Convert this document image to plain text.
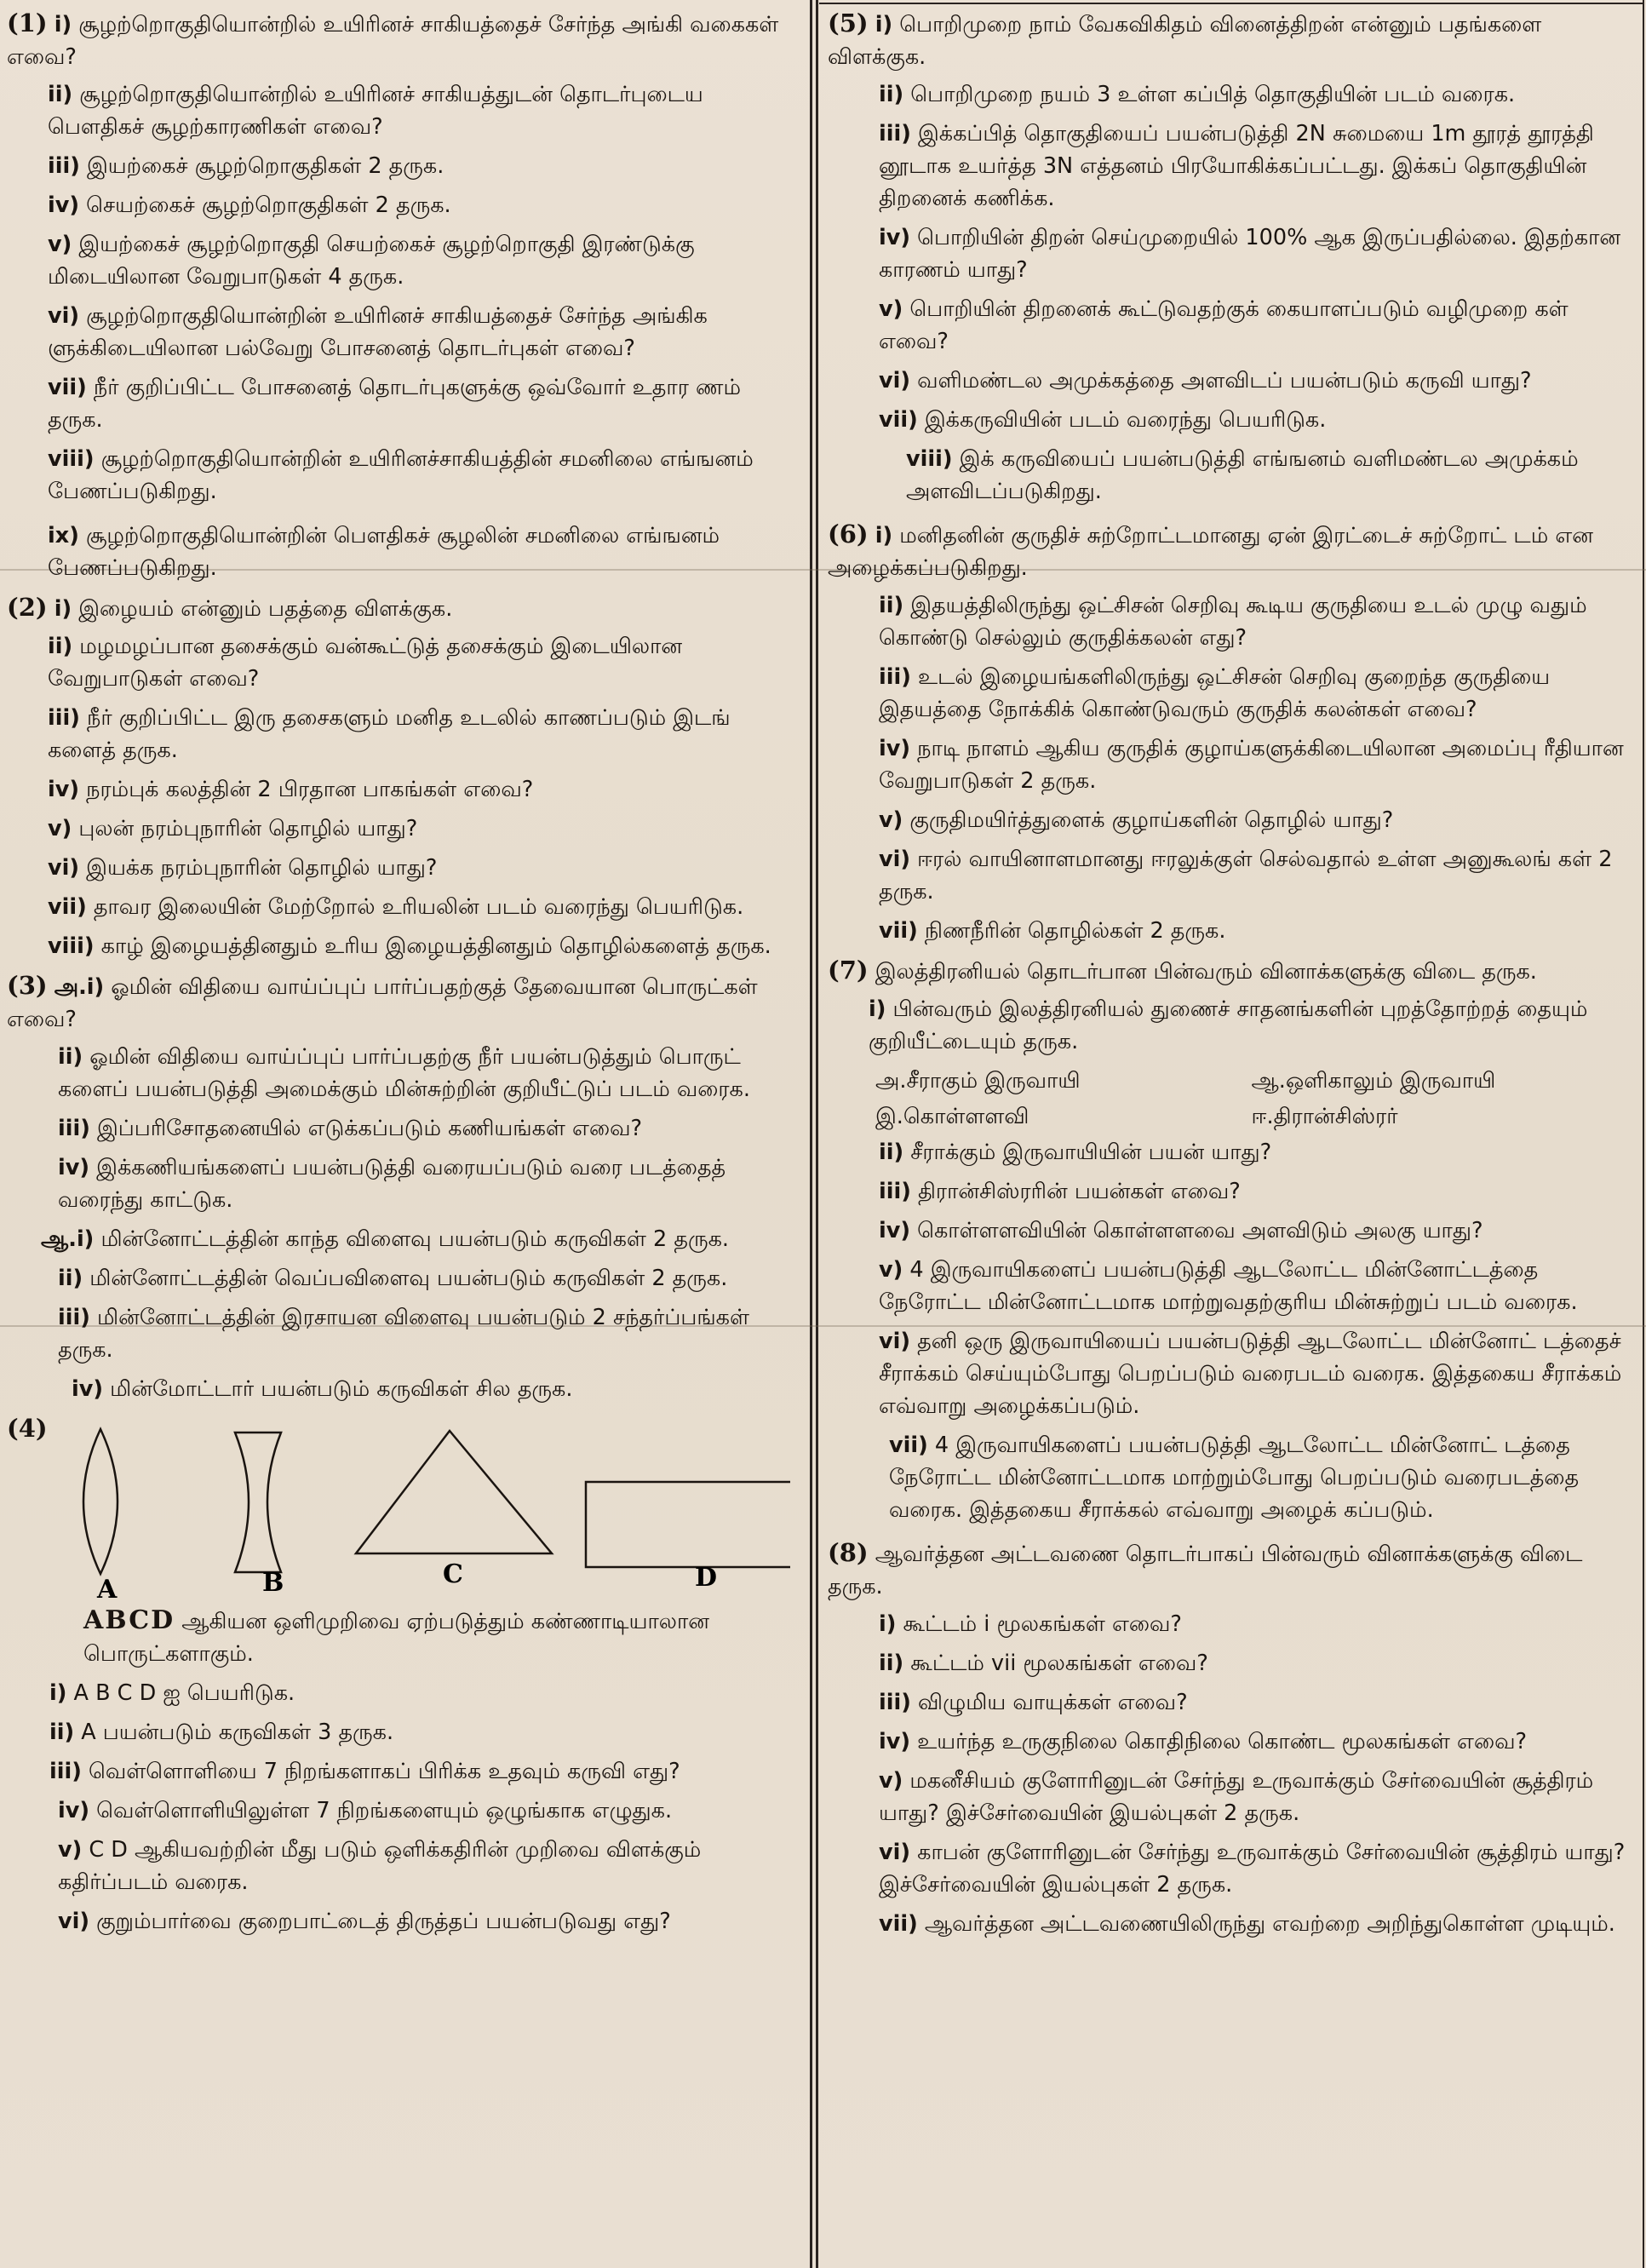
(1) i) சூழற்றொகுதியொன்றில் உயிரினச் சாகியத்தைச் சேர்ந்த அங்கி வகைகள் எவை?
ii) சூழற்றொகுதியொன்றில் உயிரினச் சாகியத்துடன் தொடர்புடைய பௌதிகச் சூழற்காரணிகள் எவை?
iii) இயற்கைச் சூழற்றொகுதிகள் 2 தருக.
iv) செயற்கைச் சூழற்றொகுதிகள் 2 தருக.
v) இயற்கைச் சூழற்றொகுதி செயற்கைச் சூழற்றொகுதி இரண்டுக்கு மிடையிலான வேறுபாடுகள் 4 தருக.
vi) சூழற்றொகுதியொன்றின் உயிரினச் சாகியத்தைச் சேர்ந்த அங்கிக ளுக்கிடையிலான பல்வேறு போசனைத் தொடர்புகள் எவை?
vii) நீர் குறிப்பிட்ட போசனைத் தொடர்புகளுக்கு ஒவ்வோர் உதார ணம் தருக.
viii) சூழற்றொகுதியொன்றின் உயிரினச்சாகியத்தின் சமனிலை எங்ஙனம் பேணப்படுகிறது.
ix) சூழற்றொகுதியொன்றின் பௌதிகச் சூழலின் சமனிலை எங்ஙனம் பேணப்படுகிறது.
(2) i) இழையம் என்னும் பதத்தை விளக்குக.
ii) மழமழப்பான தசைக்கும் வன்கூட்டுத் தசைக்கும் இடையிலான வேறுபாடுகள் எவை?
iii) நீர் குறிப்பிட்ட இரு தசைகளும் மனித உடலில் காணப்படும் இடங் களைத் தருக.
iv) நரம்புக் கலத்தின் 2 பிரதான பாகங்கள் எவை?
v) புலன் நரம்புநாரின் தொழில் யாது?
vi) இயக்க நரம்புநாரின் தொழில் யாது?
vii) தாவர இலையின் மேற்றோல் உரியலின் படம் வரைந்து பெயரிடுக.
viii) காழ் இழையத்தினதும் உரிய இழையத்தினதும் தொழில்களைத் தருக.
(3) அ.i) ஓமின் விதியை வாய்ப்புப் பார்ப்பதற்குத் தேவையான பொருட்கள் எவை?
ii) ஓமின் விதியை வாய்ப்புப் பார்ப்பதற்கு நீர் பயன்படுத்தும் பொருட் களைப் பயன்படுத்தி அமைக்கும் மின்சுற்றின் குறியீட்டுப் படம் வரைக.
iii) இப்பரிசோதனையில் எடுக்கப்படும் கணியங்கள் எவை?
iv) இக்கணியங்களைப் பயன்படுத்தி வரையப்படும் வரை படத்தைத் வரைந்து காட்டுக.
ஆ.i) மின்னோட்டத்தின் காந்த விளைவு பயன்படும் கருவிகள் 2 தருக.
ii) மின்னோட்டத்தின் வெப்பவிளைவு பயன்படும் கருவிகள் 2 தருக.
iii) மின்னோட்டத்தின் இரசாயன விளைவு பயன்படும் 2 சந்தர்ப்பங்கள் தருக.
iv) மின்மோட்டார் பயன்படும் கருவிகள் சில தருக.
(4)
A	B	C	D
ABCD ஆகியன ஒளிமுறிவை ஏற்படுத்தும் கண்ணாடியாலான பொருட்களாகும்.
i) A B C D ஐ பெயரிடுக.
ii) A பயன்படும் கருவிகள் 3 தருக.
iii) வெள்ளொளியை 7 நிறங்களாகப் பிரிக்க உதவும் கருவி எது?
iv) வெள்ளொளியிலுள்ள 7 நிறங்களையும் ஒழுங்காக எழுதுக.
v) C D ஆகியவற்றின் மீது படும் ஒளிக்கதிரின் முறிவை விளக்கும் கதிர்ப்படம் வரைக.
vi) குறும்பார்வை குறைபாட்டைத் திருத்தப் பயன்படுவது எது?
(5) i) பொறிமுறை நாம் வேகவிகிதம் வினைத்திறன் என்னும் பதங்களை விளக்குக.
ii) பொறிமுறை நயம் 3 உள்ள கப்பித் தொகுதியின் படம் வரைக.
iii) இக்கப்பித் தொகுதியைப் பயன்படுத்தி 2N சுமையை 1m தூரத் தூரத்தி னூடாக உயர்த்த 3N எத்தனம் பிரயோகிக்கப்பட்டது. இக்கப் தொகுதியின் திறனைக் கணிக்க.
iv) பொறியின் திறன் செய்முறையில் 100% ஆக இருப்பதில்லை. இதற்கான காரணம் யாது?
v) பொறியின் திறனைக் கூட்டுவதற்குக் கையாளப்படும் வழிமுறை கள் எவை?
vi) வளிமண்டல அமுக்கத்தை அளவிடப் பயன்படும் கருவி யாது?
vii) இக்கருவியின் படம் வரைந்து பெயரிடுக.
viii) இக் கருவியைப் பயன்படுத்தி எங்ஙனம் வளிமண்டல அமுக்கம் அளவிடப்படுகிறது.
(6) i) மனிதனின் குருதிச் சுற்றோட்டமானது ஏன் இரட்டைச் சுற்றோட் டம் என அழைக்கப்படுகிறது.
ii) இதயத்திலிருந்து ஒட்சிசன் செறிவு கூடிய குருதியை உடல் முழு வதும் கொண்டு செல்லும் குருதிக்கலன் எது?
iii) உடல் இழையங்களிலிருந்து ஒட்சிசன் செறிவு குறைந்த குருதியை இதயத்தை நோக்கிக் கொண்டுவரும் குருதிக் கலன்கள் எவை?
iv) நாடி நாளம் ஆகிய குருதிக் குழாய்களுக்கிடையிலான அமைப்பு ரீதியான வேறுபாடுகள் 2 தருக.
v) குருதிமயிர்த்துளைக் குழாய்களின் தொழில் யாது?
vi) ஈரல் வாயினாளமானது ஈரலுக்குள் செல்வதால் உள்ள அனுகூலங் கள் 2 தருக.
vii) நிணநீரின் தொழில்கள் 2 தருக.
(7) இலத்திரனியல் தொடர்பான பின்வரும் வினாக்களுக்கு விடை தருக.
i) பின்வரும் இலத்திரனியல் துணைச் சாதனங்களின் புறத்தோற்றத் தையும் குறியீட்டையும் தருக.
அ.சீராகும் இருவாயி	ஆ.ஒளிகாலும் இருவாயி
இ.கொள்ளளவி	ஈ.திரான்சிஸ்ரர்
ii) சீராக்கும் இருவாயியின் பயன் யாது?
iii) திரான்சிஸ்ரரின் பயன்கள் எவை?
iv) கொள்ளளவியின் கொள்ளளவை அளவிடும் அலகு யாது?
v) 4 இருவாயிகளைப் பயன்படுத்தி ஆடலோட்ட மின்னோட்டத்தை நேரோட்ட மின்னோட்டமாக மாற்றுவதற்குரிய மின்சுற்றுப் படம் வரைக.
vi) தனி ஒரு இருவாயியைப் பயன்படுத்தி ஆடலோட்ட மின்னோட் டத்தைச் சீராக்கம் செய்யும்போது பெறப்படும் வரைபடம் வரைக. இத்தகைய சீராக்கம் எவ்வாறு அழைக்கப்படும்.
vii) 4 இருவாயிகளைப் பயன்படுத்தி ஆடலோட்ட மின்னோட் டத்தை நேரோட்ட மின்னோட்டமாக மாற்றும்போது பெறப்படும் வரைபடத்தை வரைக. இத்தகைய சீராக்கல் எவ்வாறு அழைக் கப்படும்.
(8) ஆவர்த்தன அட்டவணை தொடர்பாகப் பின்வரும் வினாக்களுக்கு விடை தருக.
i) கூட்டம் i மூலகங்கள் எவை?
ii) கூட்டம் vii மூலகங்கள் எவை?
iii) விழுமிய வாயுக்கள் எவை?
iv) உயர்ந்த உருகுநிலை கொதிநிலை கொண்ட மூலகங்கள் எவை?
v) மகனீசியம் குளோரினுடன் சேர்ந்து உருவாக்கும் சேர்வையின் சூத்திரம் யாது? இச்சேர்வையின் இயல்புகள் 2 தருக.
vi) காபன் குளோரினுடன் சேர்ந்து உருவாக்கும் சேர்வையின் சூத்திரம் யாது? இச்சேர்வையின் இயல்புகள் 2 தருக.
vii) ஆவர்த்தன அட்டவணையிலிருந்து எவற்றை அறிந்துகொள்ள முடியும்.
